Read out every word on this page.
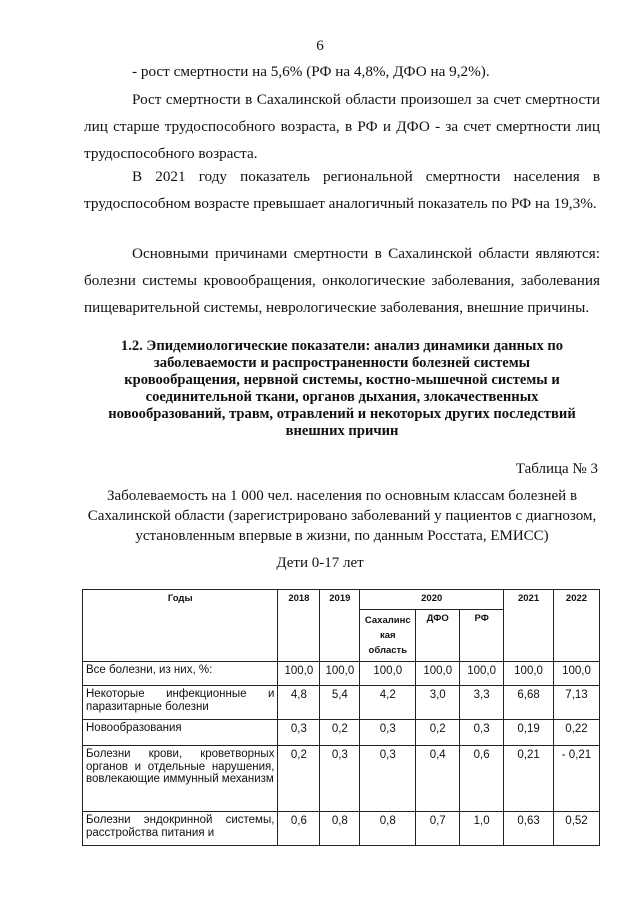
6

- рост смертности на 5,6% (РФ на 4,8%, ДФО на 9,2%).

Рост смертности в Сахалинской области произошел за счет смертности лиц старше трудоспособного возраста, в РФ и ДФО - за счет смертности лиц трудоспособного возраста.

В 2021 году показатель региональной смертности населения в трудоспособном возрасте превышает аналогичный показатель по РФ на 19,3%.

Основными причинами смертности в Сахалинской области являются: болезни системы кровообращения, онкологические заболевания, заболевания пищеварительной системы, неврологические заболевания, внешние причины.

1.2. Эпидемиологические показатели: анализ динамики данных по заболеваемости и распространенности болезней системы кровообращения, нервной системы, костно-мышечной системы и соединительной ткани, органов дыхания, злокачественных новообразований, травм, отравлений и некоторых других последствий внешних причин
Таблица № 3
Заболеваемость на 1 000 чел. населения по основным классам болезней в Сахалинской области (зарегистрировано заболеваний у пациентов с диагнозом, установленным впервые в жизни, по данным Росстата, ЕМИСС)
Дети 0-17 лет
Годы	2018	2019	2020			2021	2022
			Сахалинс кая область	ДФО	РФ		
Все болезни, из них, %:	100,0	100,0	100,0	100,0	100,0	100,0	100,0
Некоторые инфекционные и паразитарные болезни	4,8	5,4	4,2	3,0	3,3	6,68	7,13
Новообразования	0,3	0,2	0,3	0,2	0,3	0,19	0,22
Болезни крови, кроветворных органов и отдельные нарушения, вовлекающие иммунный механизм	0,2	0,3	0,3	0,4	0,6	0,21	- 0,21
Болезни эндокринной системы, расстройства питания и	0,6	0,8	0,8	0,7	1,0	0,63	0,52
